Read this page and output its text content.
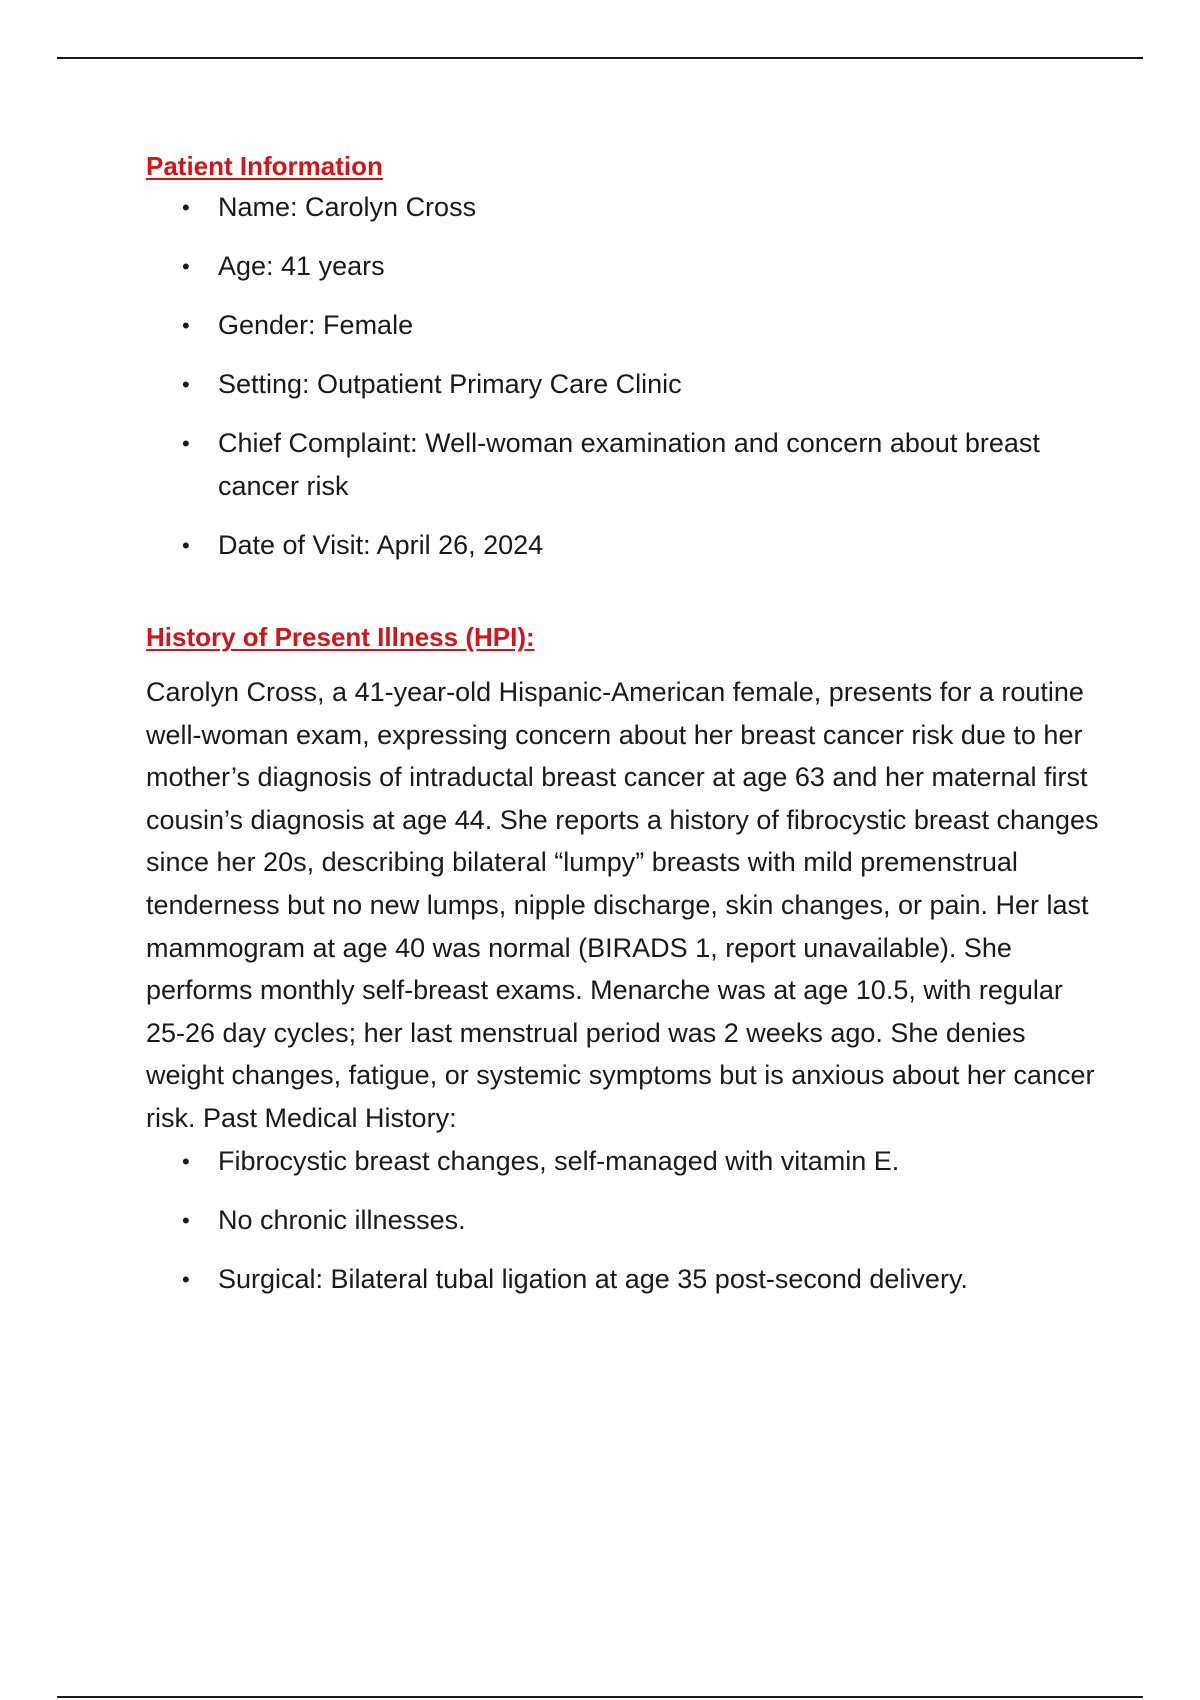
Patient Information
• Name: Carolyn Cross
• Age: 41 years
• Gender: Female
• Setting: Outpatient Primary Care Clinic
• Chief Complaint: Well-woman examination and concern about breast cancer risk
• Date of Visit: April 26, 2024
History of Present Illness (HPI):

Carolyn Cross, a 41-year-old Hispanic-American female, presents for a routine well-woman exam, expressing concern about her breast cancer risk due to her mother’s diagnosis of intraductal breast cancer at age 63 and her maternal first cousin’s diagnosis at age 44. She reports a history of fibrocystic breast changes since her 20s, describing bilateral “lumpy” breasts with mild premenstrual tenderness but no new lumps, nipple discharge, skin changes, or pain. Her last mammogram at age 40 was normal (BIRADS 1, report unavailable). She performs monthly self-breast exams. Menarche was at age 10.5, with regular 25-26 day cycles; her last menstrual period was 2 weeks ago. She denies weight changes, fatigue, or systemic symptoms but is anxious about her cancer risk. Past Medical History:

• Fibrocystic breast changes, self-managed with vitamin E.
• No chronic illnesses.
• Surgical: Bilateral tubal ligation at age 35 post-second delivery.
